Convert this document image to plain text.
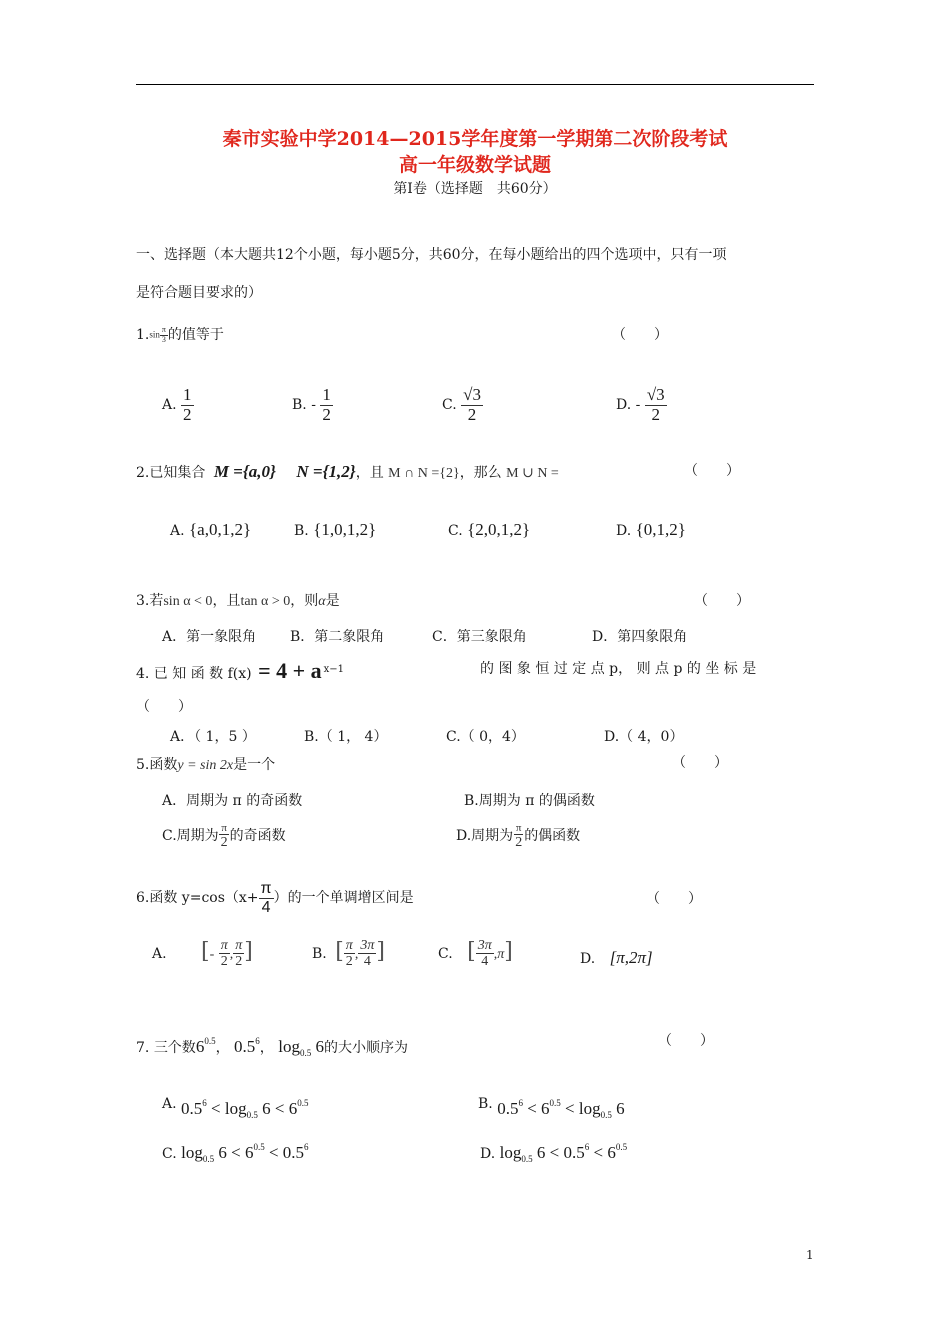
秦市实验中学2014—2015学年度第一学期第二次阶段考试
高一年级数学试题
第Ⅰ卷（选择题　共60分）
一、选择题（本大题共12个小题，每小题5分，共60分，在每小题给出的四个选项中，只有一项
是符合题目要求的）
$1.\sin \frac{\pi}{3}$ 的值等于	（　　）
A. $\frac{1}{2}$	B. - $\frac{1}{2}$	C. $\frac{√3}{2}$	D. - $\frac{√3}{2}$
2.已知集合 M ={a,0} N ={1,2}，且 M ∩ N ={2}，那么 M ∪ N =	（　　）
A. {a,0,1,2}	B. {1,0,1,2}	C. {2,0,1,2}	D. {0,1,2}
3.若sin α < 0，且tan α > 0，则α是	（　　）
A．第一象限角 B．第二象限角	C．第三象限角	D．第四象限角
4. 已 知 函 数 f(x) = 4 + a $^{x-1}$	的 图 象 恒 过 定 点 p， 则 点 p 的 坐 标 是
（　　）
A．（ 1，5 ）	B.（ 1， 4）	C.（ 0，4）	D.（ 4，0）
5.函数y = sin 2x是一个	（　　）
A．周期为 π 的奇函数	B.周期为 π 的偶函数
C.周期为 $\frac{\pi}{2}$ 的奇函数	D.周期为 $\frac{\pi}{2}$ 的偶函数
6.函数 $y=\cos(x+ \frac{\pi}{4}$ ）的一个单调增区间是	（　　）
A. [- $\frac{\pi}{2}$ , $\frac{\pi}{2}$ ]	B. [ $\frac{\pi}{2}$ , $\frac{3\pi}{4}$ ]	C. [ $\frac{3\pi}{4} ,\pi$]	D. [π,2π]
7. 三个数$6^{0.5}$， $0.5^6$， $\log_{0.5} 6$的大小顺序为	（　　）
A. $0.5^6 < \log_{0.5} 6 < 6^{0.5}$	B. $0.5^6 < 6^{0.5} < \log_{0.5} 6$
C. $\log_{0.5} 6 < 6^{0.5} < 0.5^6$	D. $\log_{0.5} 6 < 0.5^6 < 6^{0.5}$
1
